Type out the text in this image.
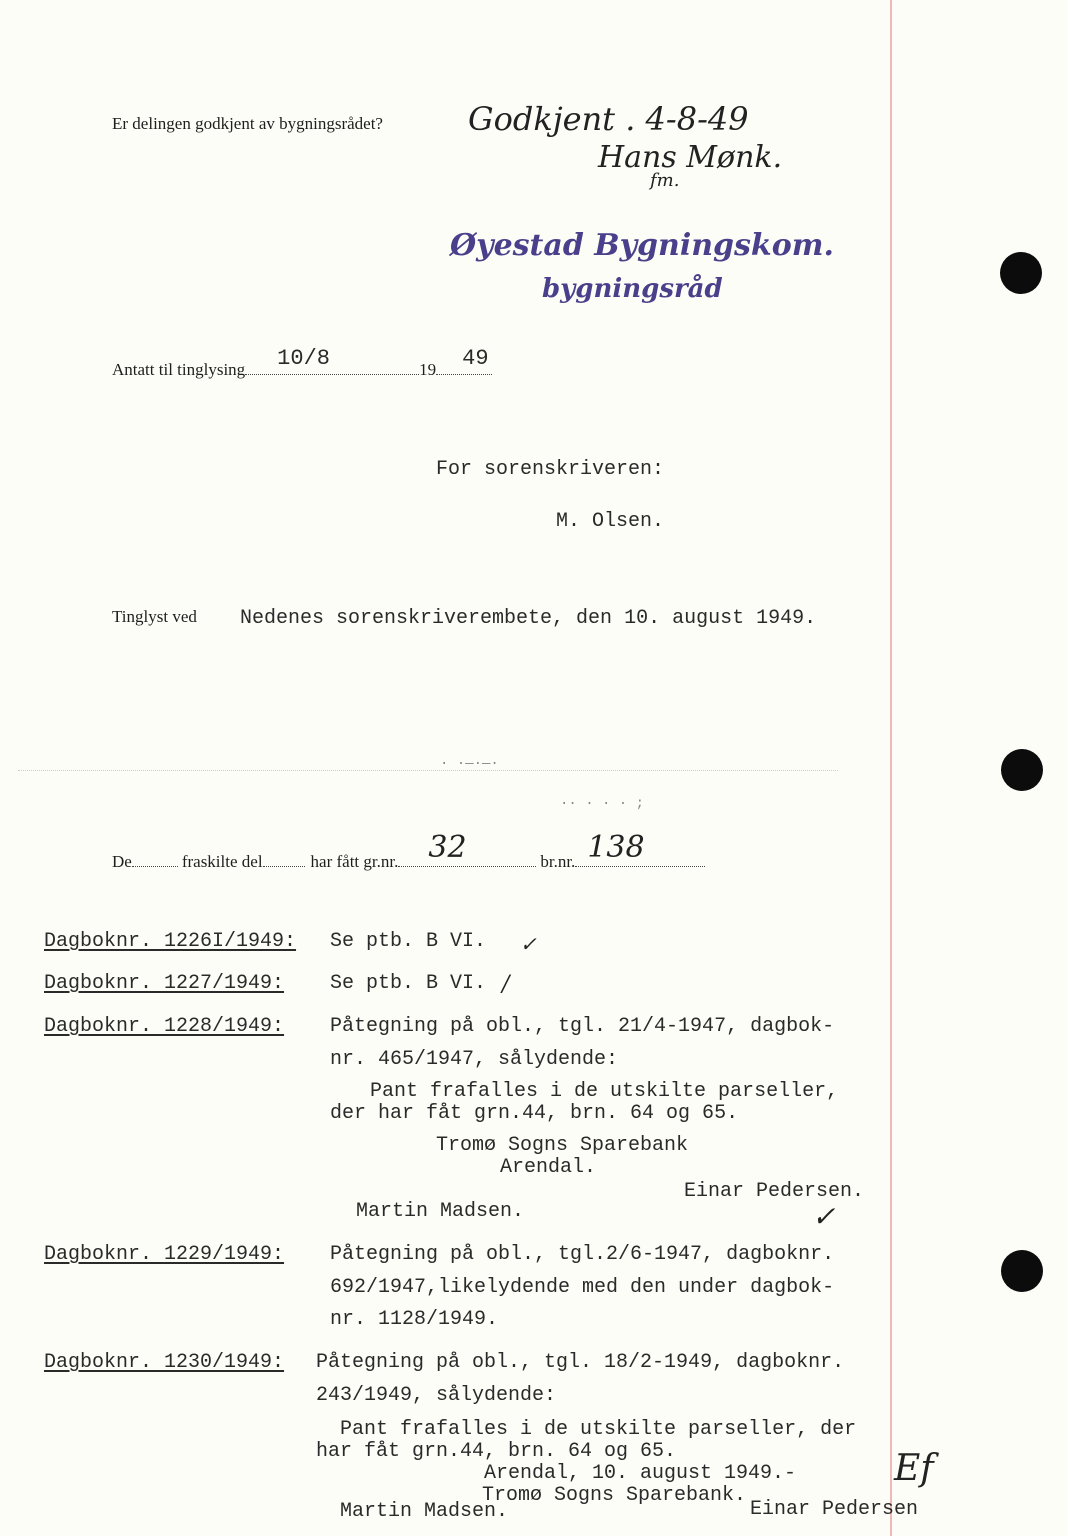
Er delingen godkjent av bygningsrådet?	Godkjent . 4-8-49
Hans Mønk.
fm.
Øyestad Bygningskom.
bygningsråd
Antatt til tinglysing 10/8	19 49
For sorenskriveren:
M. Olsen.
Tinglyst ved Nedenes sorenskriverembete, den 10. august 1949.
· ·—·—·
·· · · · ;
De	fraskilte del	har fått gr.nr. 32	br.nr. 138
Dagboknr. 1226I/1949: Se ptb. B VI. ✓
Dagboknr. 1227/1949: Se ptb. B VI. /
Dagboknr. 1228/1949: Påtegning på obl., tgl. 21/4-1947, dagbok-
nr. 465/1947, sålydende:
Pant frafalles i de utskilte parseller,
der har fåt grn.44, brn. 64 og 65.
Tromø Sogns Sparebank
Arendal.
Einar Pedersen.
Martin Madsen.	✓
Dagboknr. 1229/1949: Påtegning på obl., tgl.2/6-1947, dagboknr.
692/1947,likelydende med den under dagbok-
nr. 1128/1949.
Dagboknr. 1230/1949: Påtegning på obl., tgl. 18/2-1949, dagboknr.
243/1949, sålydende:
Pant frafalles i de utskilte parseller, der
har fåt grn.44, brn. 64 og 65.
Arendal, 10. august 1949.-
Tromø Sogns Sparebank.
Martin Madsen.	Einar Pedersen
Ef
